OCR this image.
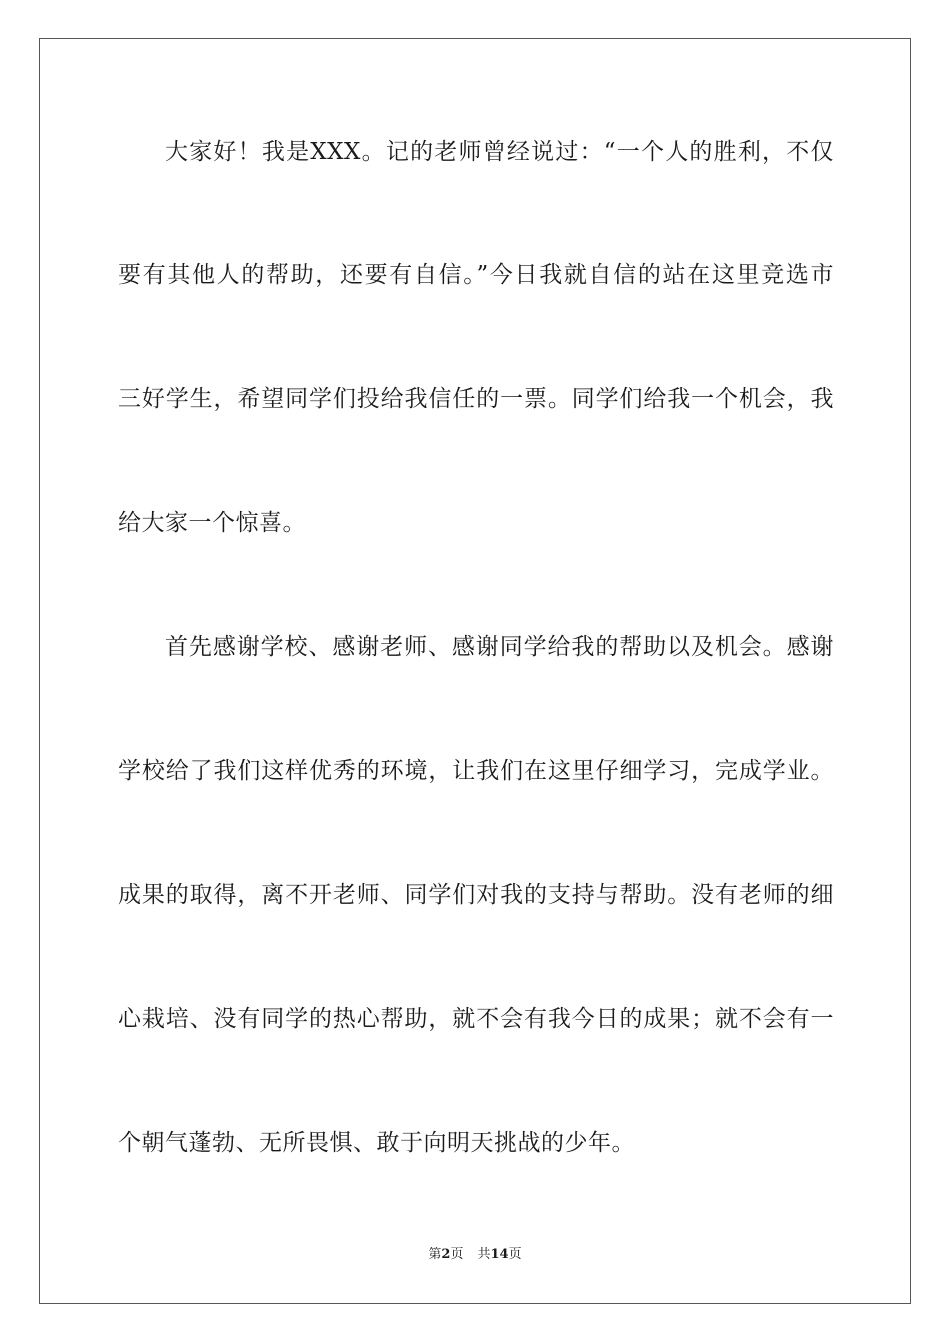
大家好！我是XXX。记的老师曾经说过：“一个人的胜利，不仅
要有其他人的帮助，还要有自信。”今日我就自信的站在这里竞选市
三好学生，希望同学们投给我信任的一票。同学们给我一个机会，我
给大家一个惊喜。
首先感谢学校、感谢老师、感谢同学给我的帮助以及机会。感谢
学校给了我们这样优秀的环境，让我们在这里仔细学习，完成学业。
成果的取得，离不开老师、同学们对我的支持与帮助。没有老师的细
心栽培、没有同学的热心帮助，就不会有我今日的成果；就不会有一
个朝气蓬勃、无所畏惧、敢于向明天挑战的少年。
第2页 共14页
